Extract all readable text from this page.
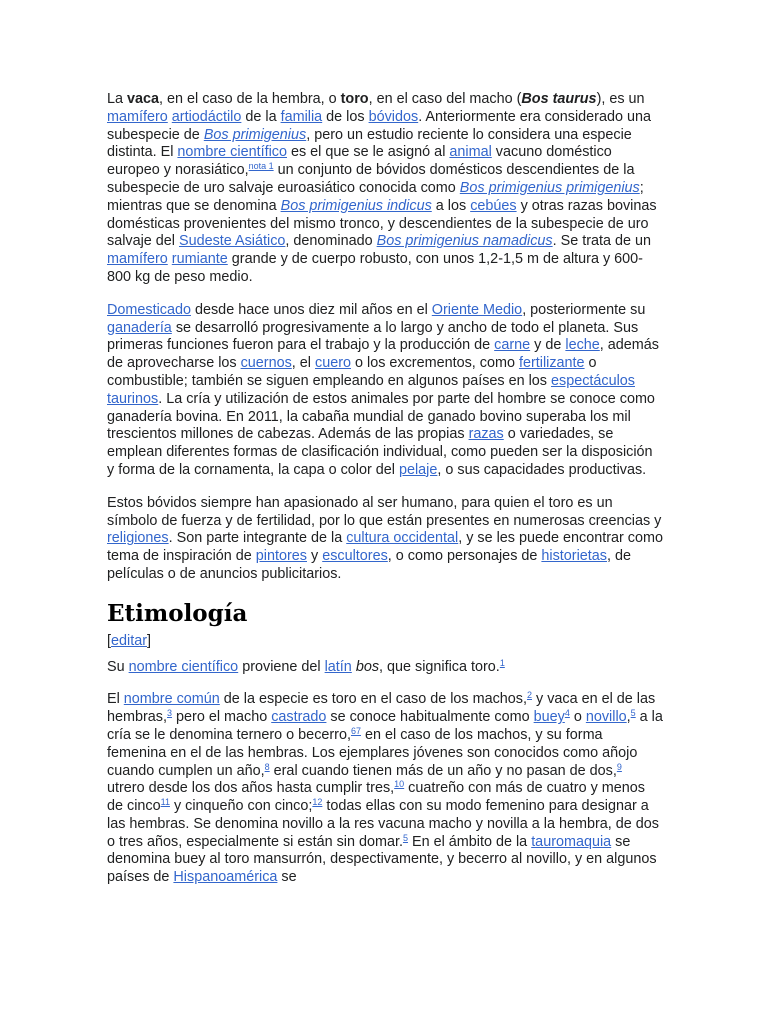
La vaca, en el caso de la hembra, o toro, en el caso del macho (Bos taurus), es un mamífero artiodáctilo de la familia de los bóvidos. Anteriormente era considerado una subespecie de Bos primigenius, pero un estudio reciente lo considera una especie distinta. El nombre científico es el que se le asignó al animal vacuno doméstico europeo y norasiático,$^{nota 1}$ un conjunto de bóvidos domésticos descendientes de la subespecie de uro salvaje euroasiático conocida como Bos primigenius primigenius; mientras que se denomina Bos primigenius indicus a los cebúes y otras razas bovinas domésticas provenientes del mismo tronco, y descendientes de la subespecie de uro salvaje del Sudeste Asiático, denominado Bos primigenius namadicus. Se trata de un mamífero rumiante grande y de cuerpo robusto, con unos 1,2-1,5 m de altura y 600-800 kg de peso medio.

Domesticado desde hace unos diez mil años en el Oriente Medio, posteriormente su ganadería se desarrolló progresivamente a lo largo y ancho de todo el planeta. Sus primeras funciones fueron para el trabajo y la producción de carne y de leche, además de aprovecharse los cuernos, el cuero o los excrementos, como fertilizante o combustible; también se siguen empleando en algunos países en los espectáculos taurinos. La cría y utilización de estos animales por parte del hombre se conoce como ganadería bovina. En 2011, la cabaña mundial de ganado bovino superaba los mil trescientos millones de cabezas. Además de las propias razas o variedades, se emplean diferentes formas de clasificación individual, como pueden ser la disposición y forma de la cornamenta, la capa o color del pelaje, o sus capacidades productivas.

Estos bóvidos siempre han apasionado al ser humano, para quien el toro es un símbolo de fuerza y de fertilidad, por lo que están presentes en numerosas creencias y religiones. Son parte integrante de la cultura occidental, y se les puede encontrar como tema de inspiración de pintores y escultores, o como personajes de historietas, de películas o de anuncios publicitarios.

Etimología
[editar]

Su nombre científico proviene del latín bos, que significa toro.$^1$

El nombre común de la especie es toro en el caso de los machos,$^2$ y vaca en el de las hembras,$^3$ pero el macho castrado se conoce habitualmente como buey$^4$ o novillo,$^5$ a la cría se le denomina ternero o becerro,$^{67}$ en el caso de los machos, y su forma femenina en el de las hembras. Los ejemplares jóvenes son conocidos como añojo cuando cumplen un año,$^8$ eral cuando tienen más de un año y no pasan de dos,$^9$ utrero desde los dos años hasta cumplir tres,$^{10}$ cuatreño con más de cuatro y menos de cinco$^{11}$ y cinqueño con cinco;$^{12}$ todas ellas con su modo femenino para designar a las hembras. Se denomina novillo a la res vacuna macho y novilla a la hembra, de dos o tres años, especialmente si están sin domar.$^5$ En el ámbito de la tauromaquia se denomina buey al toro mansurrón, despectivamente, y becerro al novillo, y en algunos países de Hispanoamérica se
